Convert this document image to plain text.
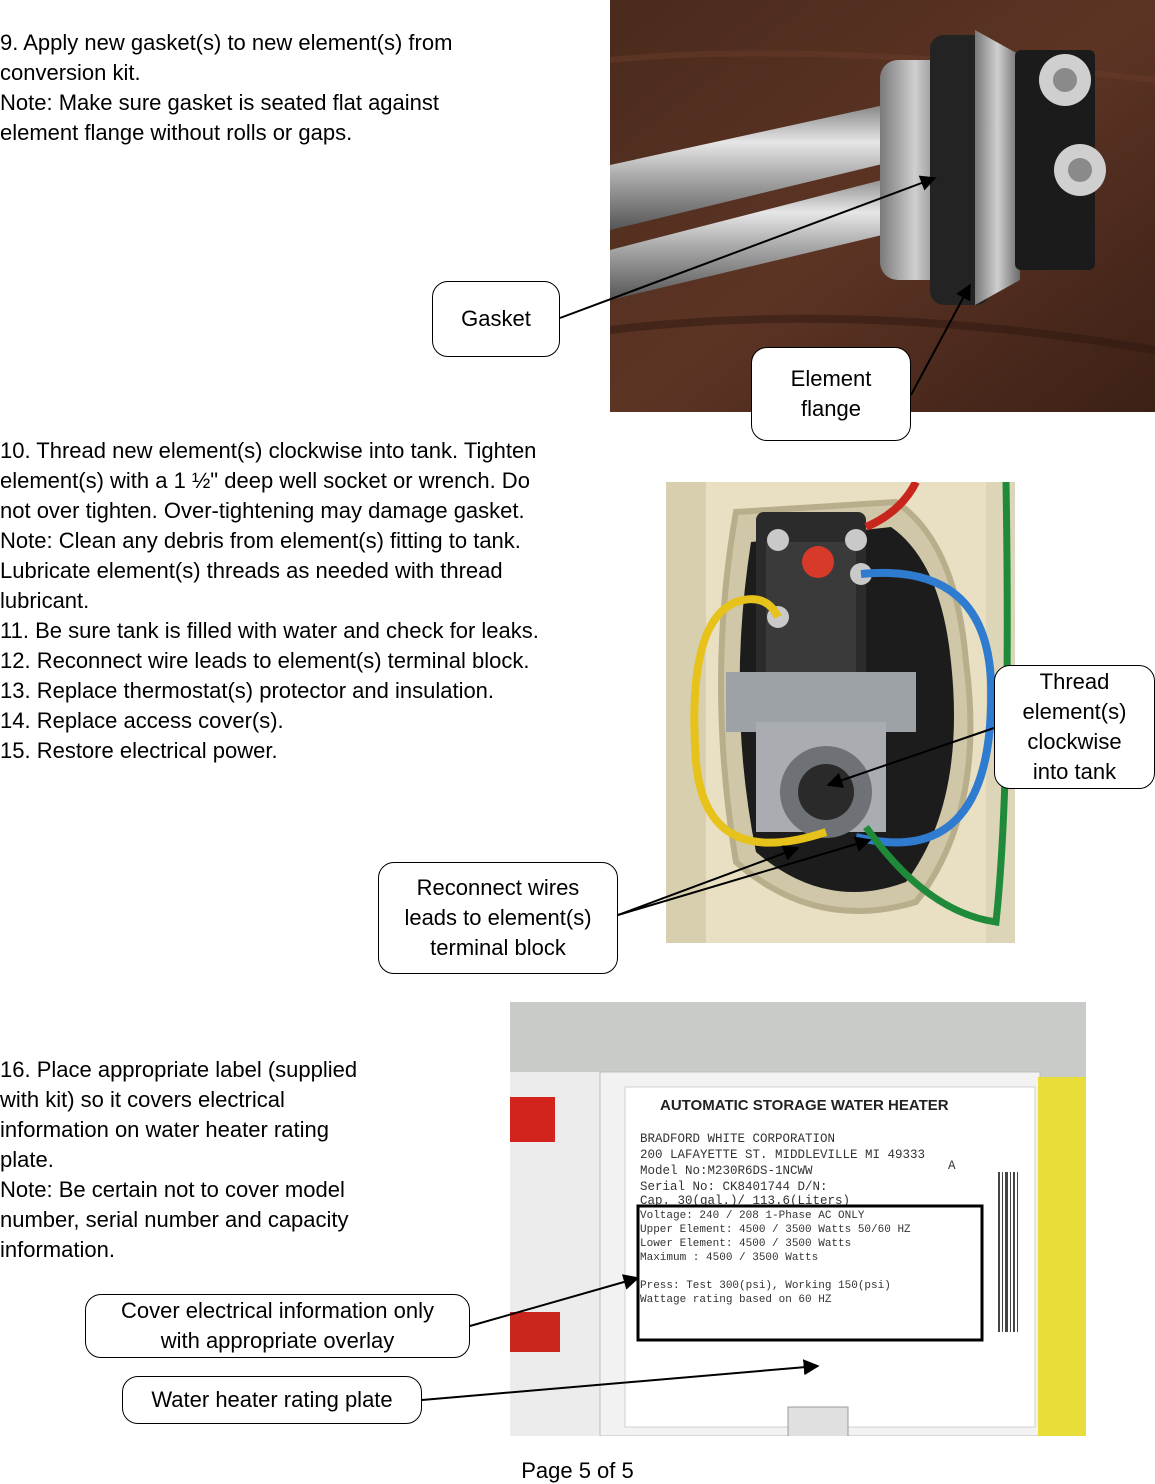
9. Apply new gasket(s) to new element(s) from
conversion kit.
Note: Make sure gasket is seated flat against
element flange without rolls or gaps.
Gasket
Element
flange
10. Thread new element(s) clockwise into tank. Tighten
element(s) with a 1 ½" deep well socket or wrench. Do
not over tighten. Over-tightening may damage gasket.
Note: Clean any debris from element(s) fitting to tank.
Lubricate element(s) threads as needed with thread
lubricant.
11. Be sure tank is filled with water and check for leaks.
12. Reconnect wire leads to element(s) terminal block.
13. Replace thermostat(s) protector and insulation.
14. Replace access cover(s).
15. Restore electrical power.
Thread
element(s)
clockwise
into tank
Reconnect wires
leads to element(s)
terminal block
16. Place appropriate label (supplied
with kit) so it covers electrical
information on water heater rating
plate.
Note: Be certain not to cover model
number, serial number and capacity
information.
AUTOMATIC STORAGE WATER HEATER
BRADFORD WHITE CORPORATION
200 LAFAYETTE ST. MIDDLEVILLE MI 49333
Model No:M230R6DS-1NCWW	A
Serial No: CK8401744 D/N:
Cap. 30(gal.)/ 113.6(Liters)
Voltage: 240 / 208 1-Phase AC ONLY
Upper Element: 4500 / 3500 Watts 50/60 HZ
Lower Element: 4500 / 3500 Watts
Maximum : 4500 / 3500 Watts
Press: Test 300(psi), Working 150(psi)
Wattage rating based on 60 HZ
Cover electrical information only
with appropriate overlay
Water heater rating plate
Page 5 of 5
